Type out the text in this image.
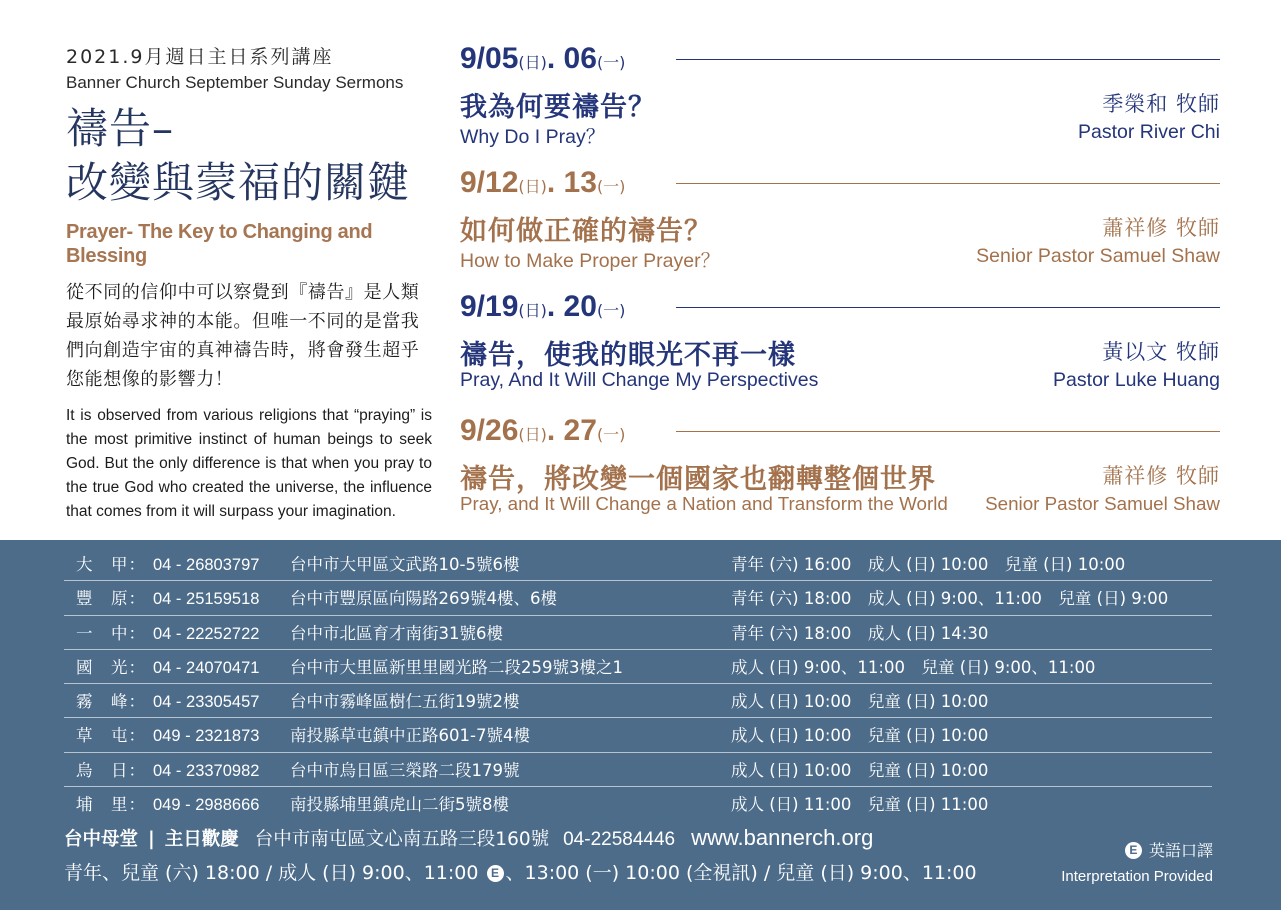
2021.9月週日主日系列講座
Banner Church September Sunday Sermons
禱告–
改變與蒙福的關鍵
Prayer- The Key to Changing and Blessing
從不同的信仰中可以察覺到『禱告』是人類最原始尋求神的本能。但唯一不同的是當我們向創造宇宙的真神禱告時，將會發生超乎您能想像的影響力！
It is observed from various religions that “praying” is the most primitive instinct of human beings to seek God. But the only difference is that when you pray to the true God who created the universe, the influence that comes from it will surpass your imagination.
9/05 (日) . 06 (一)
我為何要禱告？
Why Do I Pray？
季榮和 牧師
Pastor River Chi
9/12 (日) . 13 (一)
如何做正確的禱告？
How to Make Proper Prayer？
蕭祥修 牧師
Senior Pastor Samuel Shaw
9/19 (日) . 20 (一)
禱告，使我的眼光不再一樣
Pray, And It Will Change My Perspectives
黃以文 牧師
Pastor Luke Huang
9/26 (日) . 27 (一)
禱告，將改變一個國家也翻轉整個世界
Pray, and It Will Change a Nation and Transform the World
蕭祥修 牧師
Senior Pastor Samuel Shaw
大　甲： 04 - 26803797 台中市大甲區文武路10-5號6樓	青年 (六) 16:00　成人 (日) 10:00　兒童 (日) 10:00
豐　原： 04 - 25159518 台中市豐原區向陽路269號4樓、6樓	青年 (六) 18:00　成人 (日) 9:00、11:00　兒童 (日) 9:00
一　中： 04 - 22252722 台中市北區育才南街31號6樓	青年 (六) 18:00　成人 (日) 14:30
國　光： 04 - 24070471 台中市大里區新里里國光路二段259號3樓之1	成人 (日) 9:00、11:00　兒童 (日) 9:00、11:00
霧　峰： 04 - 23305457 台中市霧峰區樹仁五街19號2樓	成人 (日) 10:00　兒童 (日) 10:00
草　屯： 049 - 2321873 南投縣草屯鎮中正路601-7號4樓	成人 (日) 10:00　兒童 (日) 10:00
烏　日： 04 - 23370982 台中市烏日區三榮路二段179號	成人 (日) 10:00　兒童 (日) 10:00
埔　里： 049 - 2988666 南投縣埔里鎮虎山二街5號8樓	成人 (日) 11:00　兒童 (日) 11:00
台中母堂 | 主日歡慶 台中市南屯區文心南五路三段160號 04-22584446 www.bannerch.org
青年、兒童 (六) 18:00 / 成人 (日) 9:00、11:00 E 、13:00 (一) 10:00 (全視訊) / 兒童 (日) 9:00、11:00
E 英語口譯
Interpretation Provided
